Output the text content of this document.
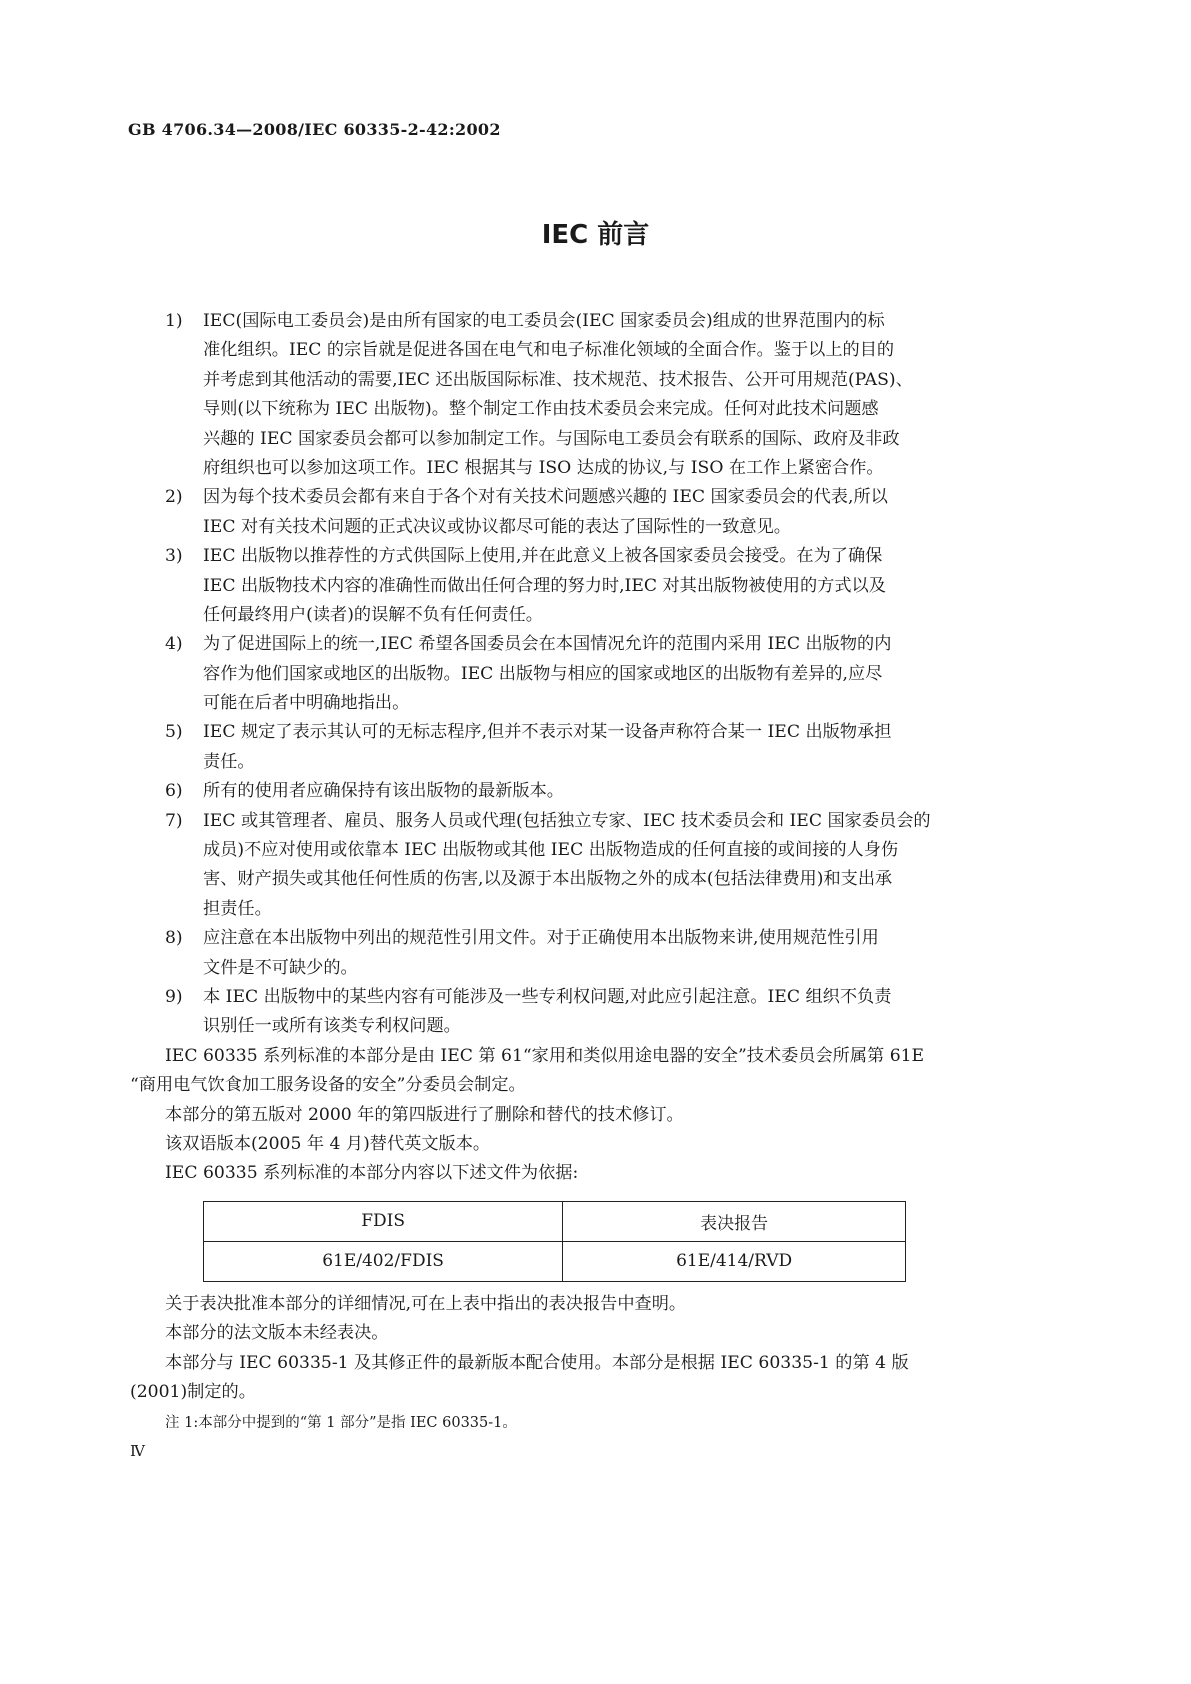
GB 4706.34—2008/IEC 60335-2-42:2002
IEC 前言
1) IEC(国际电工委员会)是由所有国家的电工委员会(IEC 国家委员会)组成的世界范围内的标
准化组织。IEC 的宗旨就是促进各国在电气和电子标准化领域的全面合作。鉴于以上的目的
并考虑到其他活动的需要,IEC 还出版国际标准、技术规范、技术报告、公开可用规范(PAS)、
导则(以下统称为 IEC 出版物)。整个制定工作由技术委员会来完成。任何对此技术问题感
兴趣的 IEC 国家委员会都可以参加制定工作。与国际电工委员会有联系的国际、政府及非政
府组织也可以参加这项工作。IEC 根据其与 ISO 达成的协议,与 ISO 在工作上紧密合作。
2) 因为每个技术委员会都有来自于各个对有关技术问题感兴趣的 IEC 国家委员会的代表,所以
IEC 对有关技术问题的正式决议或协议都尽可能的表达了国际性的一致意见。
3) IEC 出版物以推荐性的方式供国际上使用,并在此意义上被各国家委员会接受。在为了确保
IEC 出版物技术内容的准确性而做出任何合理的努力时,IEC 对其出版物被使用的方式以及
任何最终用户(读者)的误解不负有任何责任。
4) 为了促进国际上的统一,IEC 希望各国委员会在本国情况允许的范围内采用 IEC 出版物的内
容作为他们国家或地区的出版物。IEC 出版物与相应的国家或地区的出版物有差异的,应尽
可能在后者中明确地指出。
5) IEC 规定了表示其认可的无标志程序,但并不表示对某一设备声称符合某一 IEC 出版物承担
责任。
6) 所有的使用者应确保持有该出版物的最新版本。
7) IEC 或其管理者、雇员、服务人员或代理(包括独立专家、IEC 技术委员会和 IEC 国家委员会的
成员)不应对使用或依靠本 IEC 出版物或其他 IEC 出版物造成的任何直接的或间接的人身伤
害、财产损失或其他任何性质的伤害,以及源于本出版物之外的成本(包括法律费用)和支出承
担责任。
8) 应注意在本出版物中列出的规范性引用文件。对于正确使用本出版物来讲,使用规范性引用
文件是不可缺少的。
9) 本 IEC 出版物中的某些内容有可能涉及一些专利权问题,对此应引起注意。IEC 组织不负责
识别任一或所有该类专利权问题。
IEC 60335 系列标准的本部分是由 IEC 第 61“家用和类似用途电器的安全”技术委员会所属第 61E
“商用电气饮食加工服务设备的安全”分委员会制定。
本部分的第五版对 2000 年的第四版进行了删除和替代的技术修订。
该双语版本(2005 年 4 月)替代英文版本。
IEC 60335 系列标准的本部分内容以下述文件为依据:
FDIS	表决报告
61E/402/FDIS	61E/414/RVD
关于表决批准本部分的详细情况,可在上表中指出的表决报告中查明。
本部分的法文版本未经表决。
本部分与 IEC 60335-1 及其修正件的最新版本配合使用。本部分是根据 IEC 60335-1 的第 4 版
(2001)制定的。
注 1:本部分中提到的“第 1 部分”是指 IEC 60335-1。
Ⅳ
